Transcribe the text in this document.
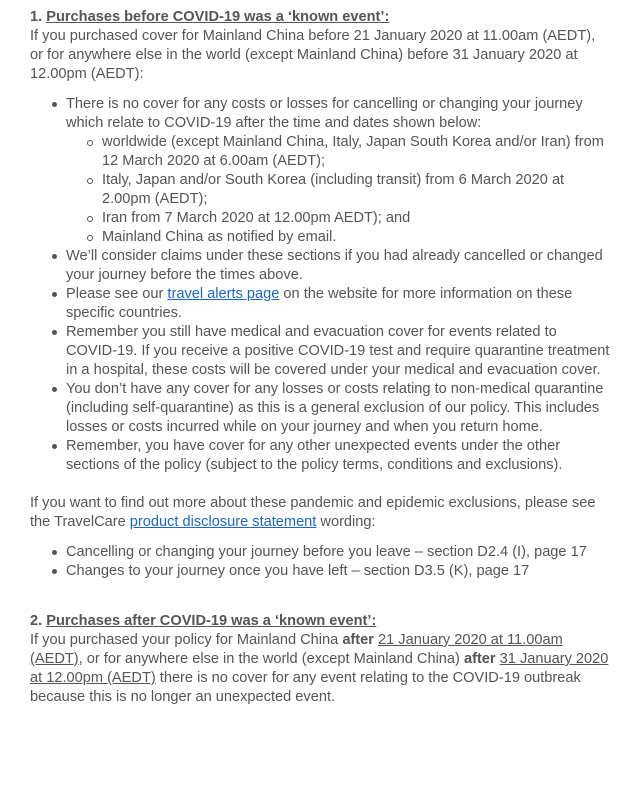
1. Purchases before COVID-19 was a ‘known event’:

If you purchased cover for Mainland China before 21 January 2020 at 11.00am (AEDT), or for anywhere else in the world (except Mainland China) before 31 January 2020 at 12.00pm (AEDT):

There is no cover for any costs or losses for cancelling or changing your journey which relate to COVID-19 after the time and dates shown below:
worldwide (except Mainland China, Italy, Japan South Korea and/or Iran) from 12 March 2020 at 6.00am (AEDT);
Italy, Japan and/or South Korea (including transit) from 6 March 2020 at 2.00pm (AEDT);
Iran from 7 March 2020 at 12.00pm AEDT); and
Mainland China as notified by email.
We’ll consider claims under these sections if you had already cancelled or changed your journey before the times above.
Please see our travel alerts page on the website for more information on these specific countries.
Remember you still have medical and evacuation cover for events related to COVID-19. If you receive a positive COVID-19 test and require quarantine treatment in a hospital, these costs will be covered under your medical and evacuation cover.
You don’t have any cover for any losses or costs relating to non-medical quarantine (including self-quarantine) as this is a general exclusion of our policy. This includes losses or costs incurred while on your journey and when you return home.
Remember, you have cover for any other unexpected events under the other sections of the policy (subject to the policy terms, conditions and exclusions).

If you want to find out more about these pandemic and epidemic exclusions, please see the TravelCare product disclosure statement wording:

Cancelling or changing your journey before you leave – section D2.4 (I), page 17
Changes to your journey once you have left – section D3.5 (K), page 17

2. Purchases after COVID-19 was a ‘known event’:

If you purchased your policy for Mainland China after 21 January 2020 at 11.00am (AEDT), or for anywhere else in the world (except Mainland China) after 31 January 2020 at 12.00pm (AEDT) there is no cover for any event relating to the COVID-19 outbreak because this is no longer an unexpected event.
